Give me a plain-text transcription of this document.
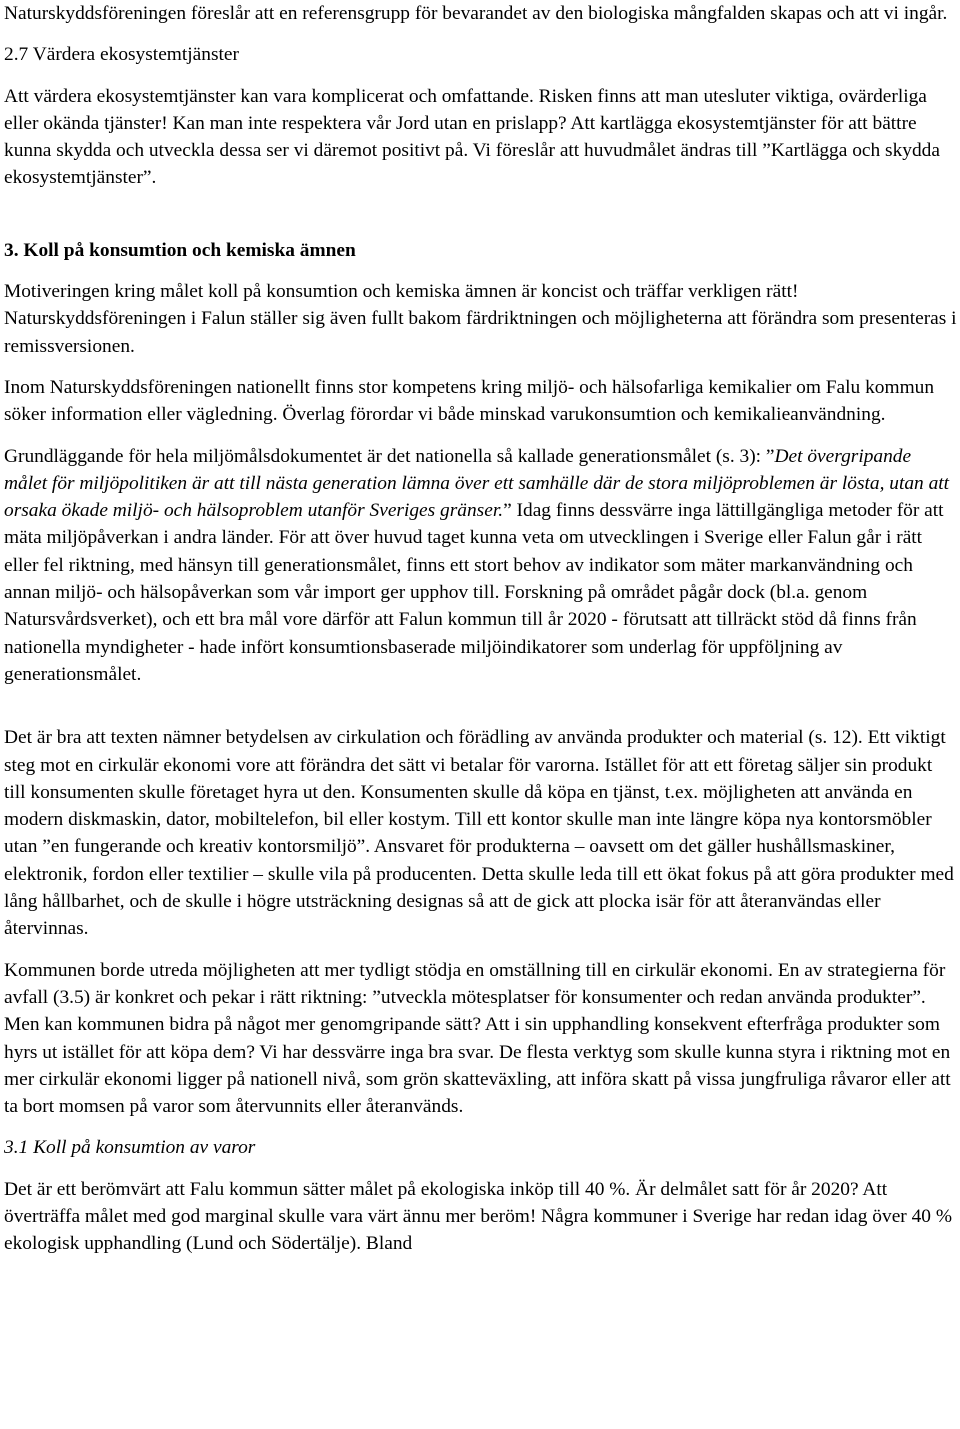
Naturskyddsföreningen föreslår att en referensgrupp för bevarandet av den biologiska mångfalden skapas och att vi ingår.

2.7 Värdera ekosystemtjänster

Att värdera ekosystemtjänster kan vara komplicerat och omfattande. Risken finns att man utesluter viktiga, ovärderliga eller okända tjänster! Kan man inte respektera vår Jord utan en prislapp? Att kartlägga ekosystemtjänster för att bättre kunna skydda och utveckla dessa ser vi däremot positivt på. Vi föreslår att huvudmålet ändras till ”Kartlägga och skydda ekosystemtjänster”.

3. Koll på konsumtion och kemiska ämnen

Motiveringen kring målet koll på konsumtion och kemiska ämnen är koncist och träffar verkligen rätt! Naturskyddsföreningen i Falun ställer sig även fullt bakom färdriktningen och möjligheterna att förändra som presenteras i remissversionen.

Inom Naturskyddsföreningen nationellt finns stor kompetens kring miljö- och hälsofarliga kemikalier om Falu kommun söker information eller vägledning. Överlag förordar vi både minskad varukonsumtion och kemikalieanvändning.

Grundläggande för hela miljömålsdokumentet är det nationella så kallade generationsmålet (s. 3): ”Det övergripande målet för miljöpolitiken är att till nästa generation lämna över ett samhälle där de stora miljöproblemen är lösta, utan att orsaka ökade miljö- och hälsoproblem utanför Sveriges gränser.” Idag finns dessvärre inga lättillgängliga metoder för att mäta miljöpåverkan i andra länder. För att över huvud taget kunna veta om utvecklingen i Sverige eller Falun går i rätt eller fel riktning, med hänsyn till generationsmålet, finns ett stort behov av indikator som mäter markanvändning och annan miljö- och hälsopåverkan som vår import ger upphov till. Forskning på området pågår dock (bl.a. genom Natursvårdsverket), och ett bra mål vore därför att Falun kommun till år 2020 - förutsatt att tillräckt stöd då finns från nationella myndigheter - hade infört konsumtionsbaserade miljöindikatorer som underlag för uppföljning av generationsmålet.

Det är bra att texten nämner betydelsen av cirkulation och förädling av använda produkter och material (s. 12). Ett viktigt steg mot en cirkulär ekonomi vore att förändra det sätt vi betalar för varorna. Istället för att ett företag säljer sin produkt till konsumenten skulle företaget hyra ut den. Konsumenten skulle då köpa en tjänst, t.ex. möjligheten att använda en modern diskmaskin, dator, mobiltelefon, bil eller kostym. Till ett kontor skulle man inte längre köpa nya kontorsmöbler utan ”en fungerande och kreativ kontorsmiljö”. Ansvaret för produkterna – oavsett om det gäller hushållsmaskiner, elektronik, fordon eller textilier – skulle vila på producenten. Detta skulle leda till ett ökat fokus på att göra produkter med lång hållbarhet, och de skulle i högre utsträckning designas så att de gick att plocka isär för att återanvändas eller återvinnas.

Kommunen borde utreda möjligheten att mer tydligt stödja en omställning till en cirkulär ekonomi. En av strategierna för avfall (3.5) är konkret och pekar i rätt riktning: ”utveckla mötesplatser för konsumenter och redan använda produkter”. Men kan kommunen bidra på något mer genomgripande sätt? Att i sin upphandling konsekvent efterfråga produkter som hyrs ut istället för att köpa dem? Vi har dessvärre inga bra svar. De flesta verktyg som skulle kunna styra i riktning mot en mer cirkulär ekonomi ligger på nationell nivå, som grön skatteväxling, att införa skatt på vissa jungfruliga råvaror eller att ta bort momsen på varor som återvunnits eller återanvänds.

3.1 Koll på konsumtion av varor

Det är ett berömvärt att Falu kommun sätter målet på ekologiska inköp till 40 %. Är delmålet satt för år 2020? Att överträffa målet med god marginal skulle vara värt ännu mer beröm! Några kommuner i Sverige har redan idag över 40 % ekologisk upphandling (Lund och Södertälje). Bland
